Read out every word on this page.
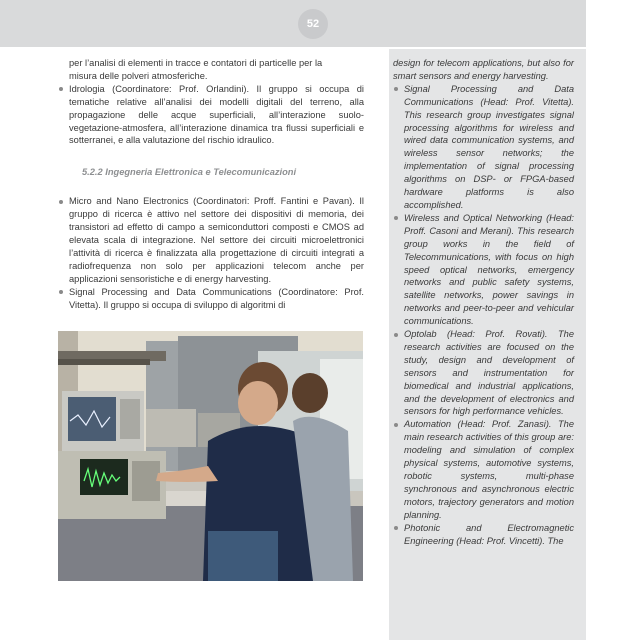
52

per l’analisi di elementi in tracce e contatori di particelle per la

misura delle polveri atmosferiche.

Idrologia (Coordinatore: Prof. Orlandini). Il gruppo si occupa di tematiche relative all’analisi dei modelli digitali del terreno, alla propagazione delle acque superficiali, all’interazione suolo-vegetazione-atmosfera, all’interazione dinamica tra flussi superficiali e sotterranei, e alla valutazione del rischio idraulico.

5.2.2 Ingegneria Elettronica e Telecomunicazioni

Micro and Nano Electronics (Coordinatori: Proff. Fantini e Pavan). Il gruppo di ricerca è attivo nel settore dei dispositivi di memoria, dei transistori ad effetto di campo a semiconduttori composti e CMOS ad elevata scala di integrazione. Nel settore dei circuiti microelettronici l’attività di ricerca è finalizzata alla progettazione di circuiti integrati a radiofrequenza non solo per applicazioni telecom anche per applicazioni sensoristiche e di energy harvesting.

Signal Processing and Data Communications (Coordinatore: Prof. Vitetta). Il gruppo si occupa di sviluppo di algoritmi di

design for telecom applications, but also for smart sensors and energy harvesting.

Signal Processing and Data Communications (Head: Prof. Vitetta). This research group investigates signal processing algorithms for wireless and wired data communication systems, and wireless sensor networks; the implementation of signal processing algorithms on DSP- or FPGA-based hardware platforms is also accomplished.

Wireless and Optical Networking (Head: Proff. Casoni and Merani). This research group works in the field of Telecommunications, with focus on high speed optical networks, emergency networks and public safety systems, satellite networks, power savings in networks and peer-to-peer and vehicular communications.

Optolab (Head: Prof. Rovati). The research activities are focused on the study, design and development of sensors and instrumentation for biomedical and industrial applications, and the development of electronics and sensors for high performance vehicles.

Automation (Head: Prof. Zanasi). The main research activities of this group are: modeling and simulation of complex physical systems, automotive systems, robotic systems, multi-phase synchronous and asynchronous electric motors, trajectory generators and motion planning.

Photonic and Electromagnetic Engineering (Head: Prof. Vincetti). The
